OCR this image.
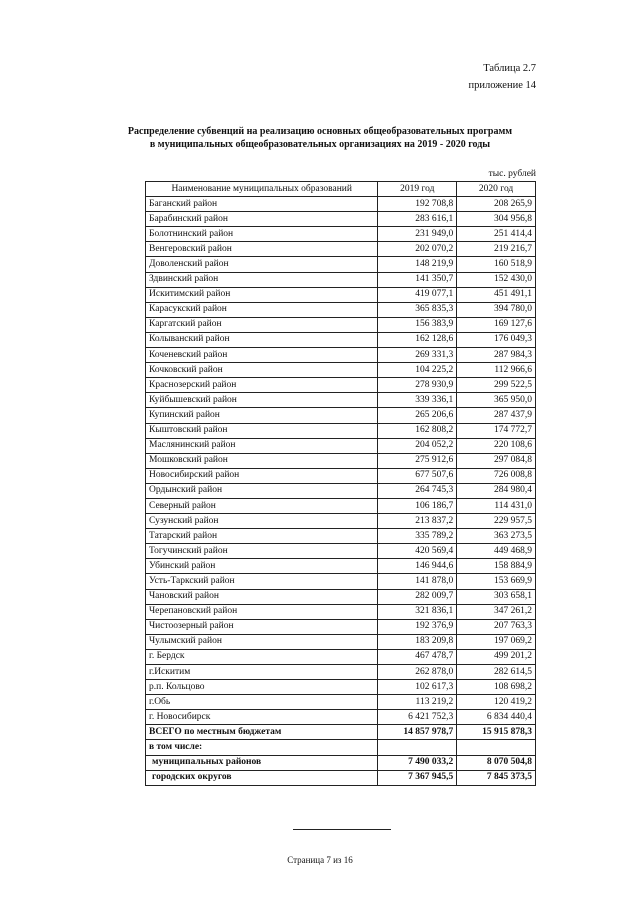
Таблица 2.7
приложение 14
Распределение субвенций на реализацию основных общеобразовательных программ
в муниципальных общеобразовательных организациях на 2019 - 2020 годы
тыс. рублей
Наименование муниципальных образований	2019 год	2020 год
Баганский район	192 708,8	208 265,9
Барабинский район	283 616,1	304 956,8
Болотнинский район	231 949,0	251 414,4
Венгеровский район	202 070,2	219 216,7
Доволенский район	148 219,9	160 518,9
Здвинский район	141 350,7	152 430,0
Искитимский район	419 077,1	451 491,1
Карасукский район	365 835,3	394 780,0
Каргатский район	156 383,9	169 127,6
Колыванский район	162 128,6	176 049,3
Коченевский район	269 331,3	287 984,3
Кочковский район	104 225,2	112 966,6
Краснозерский район	278 930,9	299 522,5
Куйбышевский район	339 336,1	365 950,0
Купинский район	265 206,6	287 437,9
Кыштовский район	162 808,2	174 772,7
Маслянинский район	204 052,2	220 108,6
Мошковский район	275 912,6	297 084,8
Новосибирский район	677 507,6	726 008,8
Ордынский район	264 745,3	284 980,4
Северный район	106 186,7	114 431,0
Сузунский район	213 837,2	229 957,5
Татарский район	335 789,2	363 273,5
Тогучинский район	420 569,4	449 468,9
Убинский район	146 944,6	158 884,9
Усть-Таркский район	141 878,0	153 669,9
Чановский район	282 009,7	303 658,1
Черепановский район	321 836,1	347 261,2
Чистоозерный район	192 376,9	207 763,3
Чулымский район	183 209,8	197 069,2
г. Бердск	467 478,7	499 201,2
г.Искитим	262 878,0	282 614,5
р.п. Кольцово	102 617,3	108 698,2
г.Обь	113 219,2	120 419,2
г. Новосибирск	6 421 752,3	6 834 440,4
ВСЕГО по местным бюджетам	14 857 978,7	15 915 878,3
в том числе:		
муниципальных районов	7 490 033,2	8 070 504,8
городских округов	7 367 945,5	7 845 373,5
Страница 7 из 16
